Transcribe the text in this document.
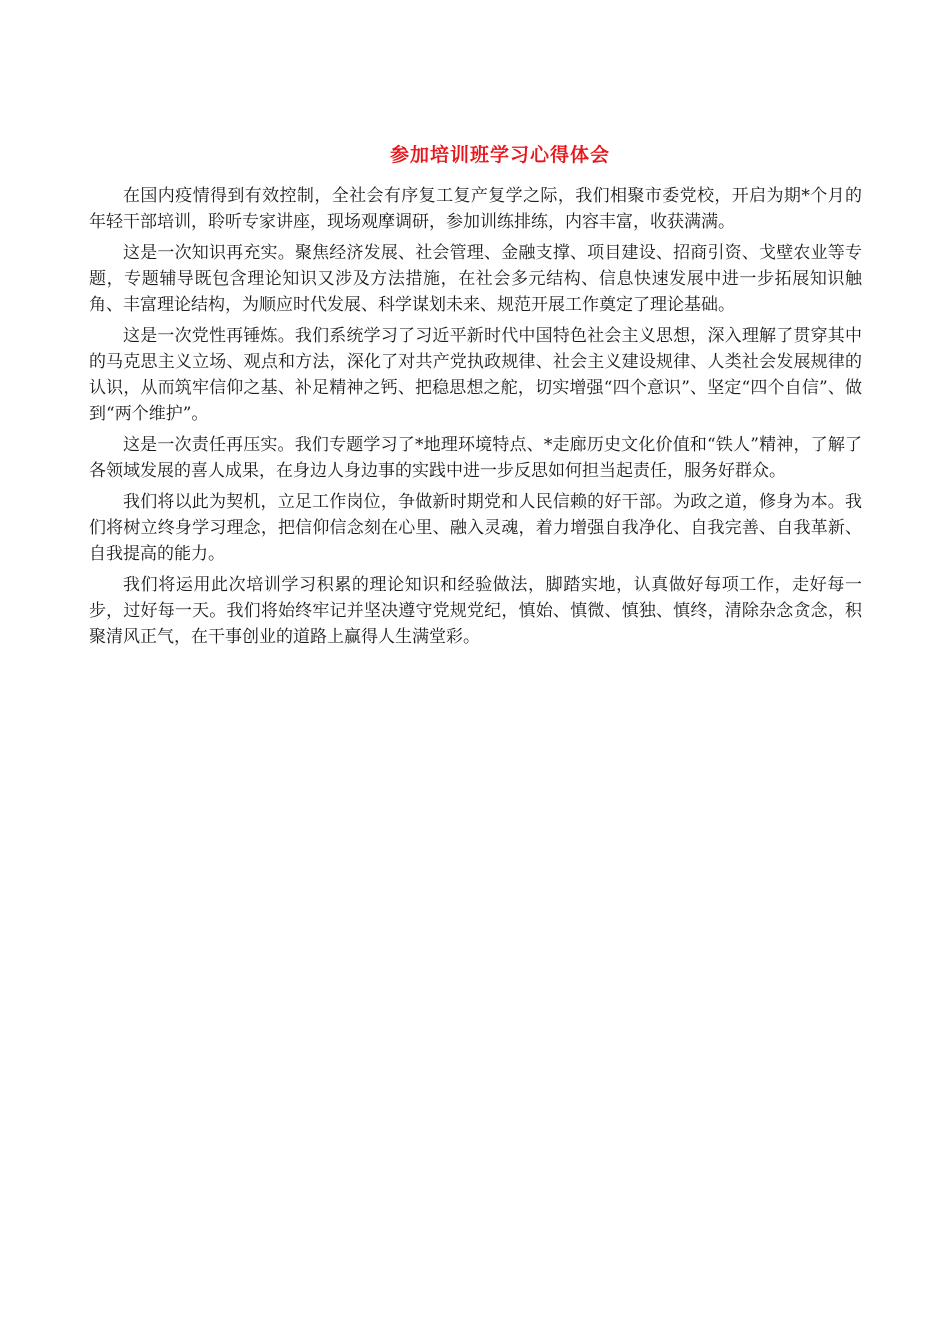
参加培训班学习心得体会

在国内疫情得到有效控制，全社会有序复工复产复学之际，我们相聚市委党校，开启为期*个月的年轻干部培训，聆听专家讲座，现场观摩调研，参加训练排练，内容丰富，收获满满。

这是一次知识再充实。聚焦经济发展、社会管理、金融支撑、项目建设、招商引资、戈壁农业等专题，专题辅导既包含理论知识又涉及方法措施，在社会多元结构、信息快速发展中进一步拓展知识触角、丰富理论结构，为顺应时代发展、科学谋划未来、规范开展工作奠定了理论基础。

这是一次党性再锤炼。我们系统学习了习近平新时代中国特色社会主义思想，深入理解了贯穿其中的马克思主义立场、观点和方法，深化了对共产党执政规律、社会主义建设规律、人类社会发展规律的认识，从而筑牢信仰之基、补足精神之钙、把稳思想之舵，切实增强“四个意识”、坚定“四个自信”、做到“两个维护”。

这是一次责任再压实。我们专题学习了*地理环境特点、*走廊历史文化价值和“铁人”精神，了解了各领域发展的喜人成果，在身边人身边事的实践中进一步反思如何担当起责任，服务好群众。

我们将以此为契机，立足工作岗位，争做新时期党和人民信赖的好干部。为政之道，修身为本。我们将树立终身学习理念，把信仰信念刻在心里、融入灵魂，着力增强自我净化、自我完善、自我革新、自我提高的能力。

我们将运用此次培训学习积累的理论知识和经验做法，脚踏实地，认真做好每项工作，走好每一步，过好每一天。我们将始终牢记并坚决遵守党规党纪，慎始、慎微、慎独、慎终，清除杂念贪念，积聚清风正气，在干事创业的道路上赢得人生满堂彩。
